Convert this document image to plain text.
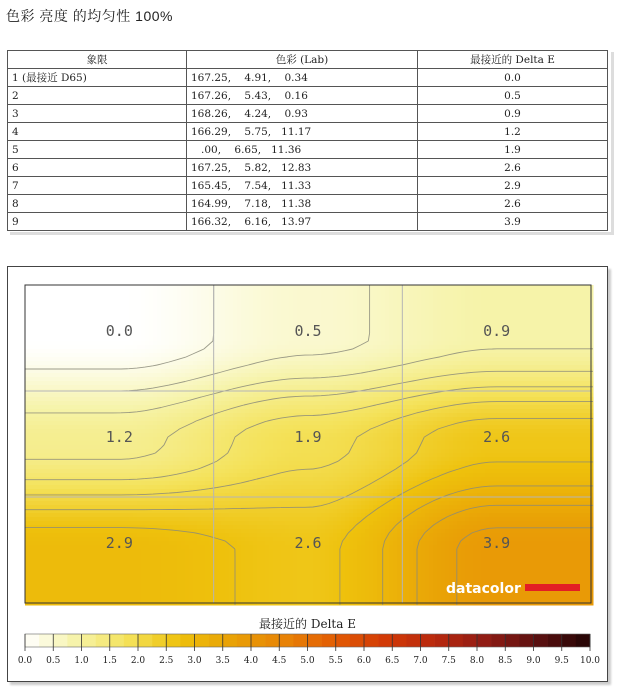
色彩 亮度 的均匀性 100%
象限	色彩 (Lab)	最接近的 Delta E
1 (最接近 D65)	167.25,    4.91,    0.34	0.0
2	167.26,    5.43,    0.16	0.5
3	168.26,    4.24,    0.93	0.9
4	166.29,    5.75,   11.17	1.2
5	.00,    6.65,   11.36	1.9
6	167.25,    5.82,   12.83	2.6
7	165.45,    7.54,   11.33	2.9
8	164.99,    7.18,   11.38	2.6
9	166.32,    6.16,   13.97	3.9
0.0	0.5	0.9
1.2	1.9	2.6
2.9	2.6	3.9
datacolor
最接近的 Delta E
0.0 0.5 1.0 1.5 2.0 2.5 3.0 3.5 4.0 4.5 5.0 5.5 6.0 6.5 7.0 7.5 8.0 8.5 9.0 9.5 10.0
